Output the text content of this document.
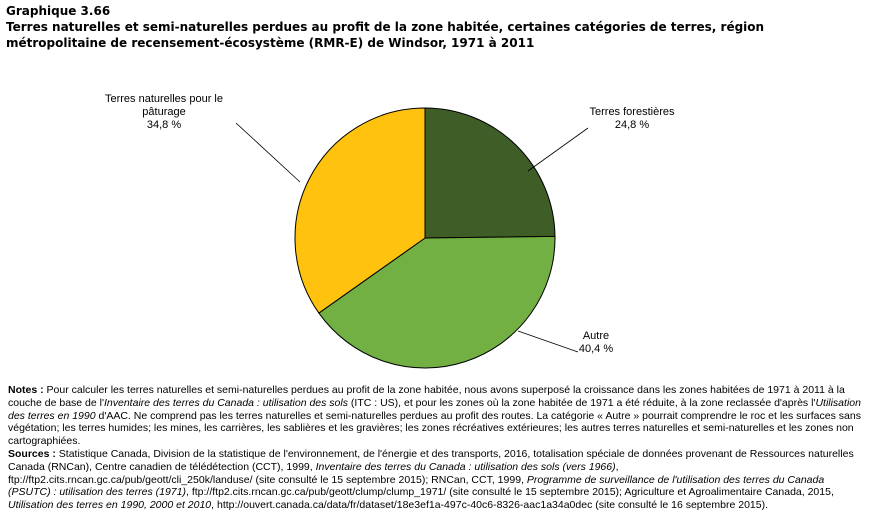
Graphique 3.66
Terres naturelles et semi-naturelles perdues au profit de la zone habitée, certaines catégories de terres, région métropolitaine de recensement-écosystème (RMR-E) de Windsor, 1971 à 2011
Terres forestières
24,8 %
Autre
40,4 %
Terres naturelles pour le
pâturage
34,8 %
Notes : Pour calculer les terres naturelles et semi-naturelles perdues au profit de la zone habitée, nous avons superposé la croissance dans les zones habitées de 1971 à 2011 à la couche de base de l'Inventaire des terres du Canada : utilisation des sols (ITC : US), et pour les zones où la zone habitée de 1971 a été réduite, à la zone reclassée d'après l'Utilisation des terres en 1990 d'AAC. Ne comprend pas les terres naturelles et semi-naturelles perdues au profit des routes. La catégorie « Autre » pourrait comprendre le roc et les surfaces sans végétation; les terres humides; les mines, les carrières, les sablières et les gravières; les zones récréatives extérieures; les autres terres naturelles et semi-naturelles et les zones non cartographiées.
Sources : Statistique Canada, Division de la statistique de l'environnement, de l'énergie et des transports, 2016, totalisation spéciale de données provenant de Ressources naturelles Canada (RNCan), Centre canadien de télédétection (CCT), 1999, Inventaire des terres du Canada : utilisation des sols (vers 1966), ftp://ftp2.cits.rncan.gc.ca/pub/geott/cli_250k/landuse/ (site consulté le 15 septembre 2015); RNCan, CCT, 1999, Programme de surveillance de l'utilisation des terres du Canada (PSUTC) : utilisation des terres (1971), ftp://ftp2.cits.rncan.gc.ca/pub/geott/clump/clump_1971/ (site consulté le 15 septembre 2015); Agriculture et Agroalimentaire Canada, 2015, Utilisation des terres en 1990, 2000 et 2010, http://ouvert.canada.ca/data/fr/dataset/18e3ef1a-497c-40c6-8326-aac1a34a0dec (site consulté le 16 septembre 2015).
